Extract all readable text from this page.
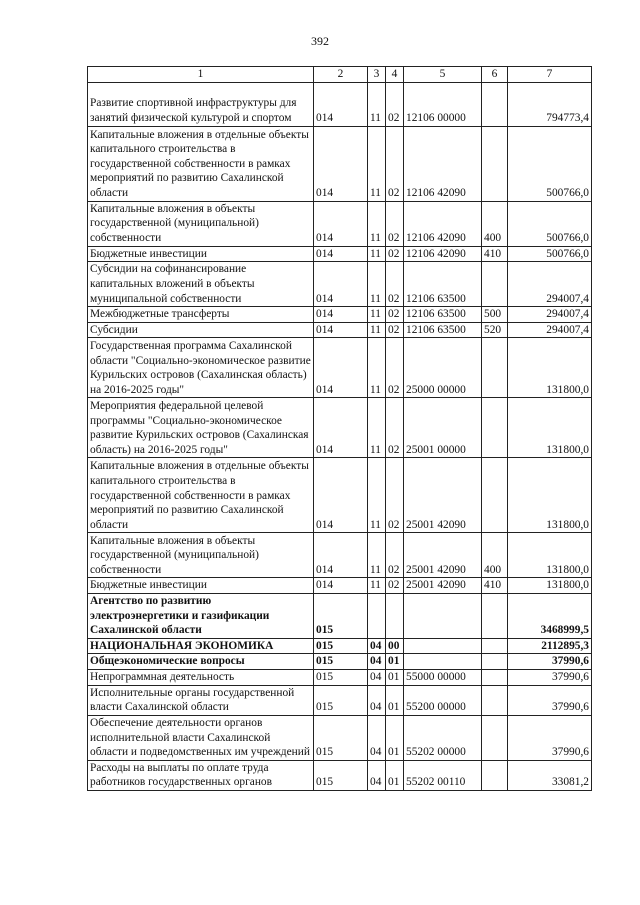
392
1	2	3	4	5	6	7
Развитие спортивной инфраструктуры для занятий физической культурой и спортом	014	11	02	12106 00000		794773,4
Капитальные вложения в отдельные объекты капитального строительства в государственной собственности в рамках мероприятий по развитию Сахалинской области	014	11	02	12106 42090		500766,0
Капитальные вложения в объекты государственной (муниципальной) собственности	014	11	02	12106 42090	400	500766,0
Бюджетные инвестиции	014	11	02	12106 42090	410	500766,0
Субсидии на софинансирование капитальных вложений в объекты муниципальной собственности	014	11	02	12106 63500		294007,4
Межбюджетные трансферты	014	11	02	12106 63500	500	294007,4
Субсидии	014	11	02	12106 63500	520	294007,4
Государственная программа Сахалинской области "Социально-экономическое развитие Курильских островов (Сахалинская область) на 2016-2025 годы"	014	11	02	25000 00000		131800,0
Мероприятия федеральной целевой программы "Социально-экономическое развитие Курильских островов (Сахалинская область) на 2016-2025 годы"	014	11	02	25001 00000		131800,0
Капитальные вложения в отдельные объекты капитального строительства в государственной собственности в рамках мероприятий по развитию Сахалинской области	014	11	02	25001 42090		131800,0
Капитальные вложения в объекты государственной (муниципальной) собственности	014	11	02	25001 42090	400	131800,0
Бюджетные инвестиции	014	11	02	25001 42090	410	131800,0
Агентство по развитию электроэнергетики и газификации Сахалинской области	015					3468999,5
НАЦИОНАЛЬНАЯ ЭКОНОМИКА	015	04	00			2112895,3
Общеэкономические вопросы	015	04	01			37990,6
Непрограммная деятельность	015	04	01	55000 00000		37990,6
Исполнительные органы государственной власти Сахалинской области	015	04	01	55200 00000		37990,6
Обеспечение деятельности органов исполнительной власти Сахалинской области и подведомственных им учреждений	015	04	01	55202 00000		37990,6
Расходы на выплаты по оплате труда работников государственных органов	015	04	01	55202 00110		33081,2
